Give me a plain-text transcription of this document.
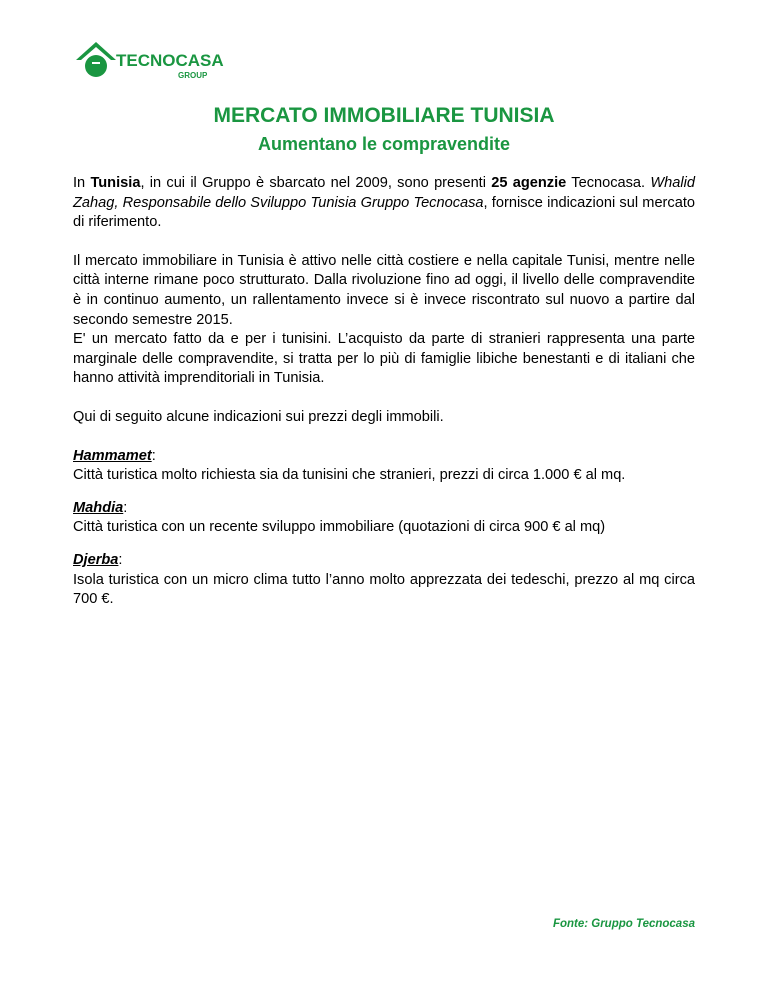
TECNOCASA
GROUP
MERCATO IMMOBILIARE TUNISIA
Aumentano le compravendite

In Tunisia, in cui il Gruppo è sbarcato nel 2009, sono presenti 25 agenzie Tecnocasa. Whalid Zahag, Responsabile dello Sviluppo Tunisia Gruppo Tecnocasa, fornisce indicazioni sul mercato di riferimento.

Il mercato immobiliare in Tunisia è attivo nelle città costiere e nella capitale Tunisi, mentre nelle città interne rimane poco strutturato. Dalla rivoluzione fino ad oggi, il livello delle compravendite è in continuo aumento, un rallentamento invece si è invece riscontrato sul nuovo a partire dal secondo semestre 2015.

E' un mercato fatto da e per i tunisini. L’acquisto da parte di stranieri rappresenta una parte marginale delle compravendite, si tratta per lo più di famiglie libiche benestanti e di italiani che hanno attività imprenditoriali in Tunisia.

Qui di seguito alcune indicazioni sui prezzi degli immobili.

Hammamet:

Città turistica molto richiesta sia da tunisini che stranieri, prezzi di circa 1.000 € al mq.

Mahdia:

Città turistica con un recente sviluppo immobiliare (quotazioni di circa 900 € al mq)

Djerba:

Isola turistica con un micro clima tutto l’anno molto apprezzata dei tedeschi, prezzo al mq circa 700 €.

Fonte: Gruppo Tecnocasa
